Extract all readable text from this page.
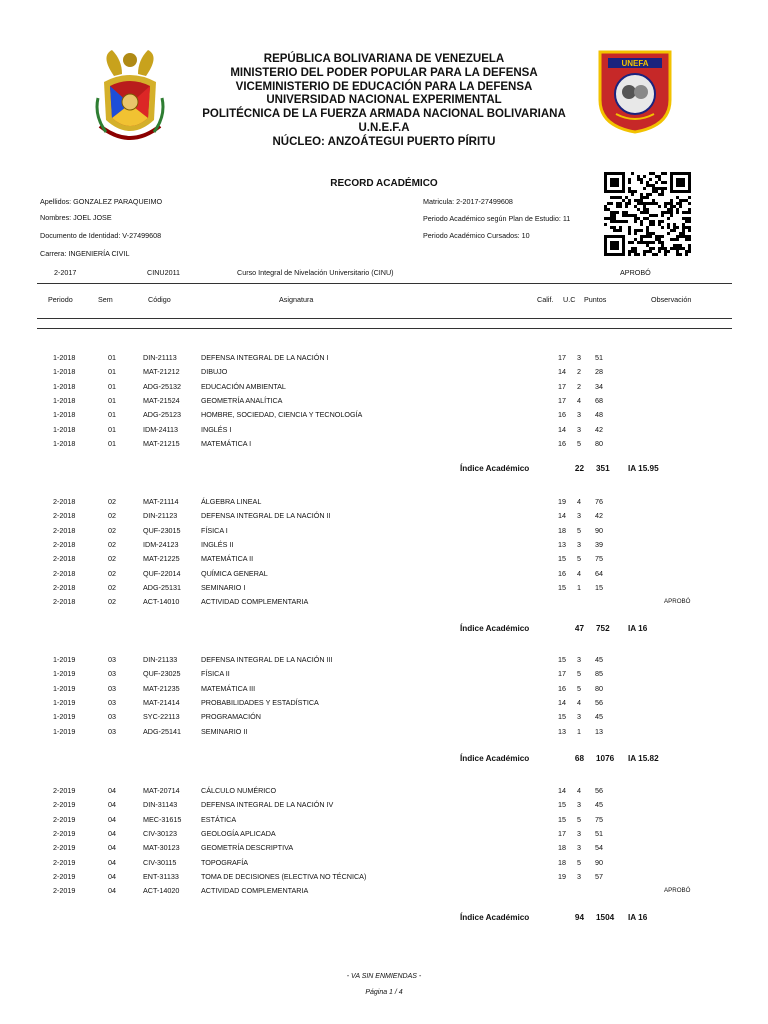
UNEFA
REPÚBLICA BOLIVARIANA DE VENEZUELA
MINISTERIO DEL PODER POPULAR PARA LA DEFENSA
VICEMINISTERIO DE EDUCACIÓN PARA LA DEFENSA
UNIVERSIDAD NACIONAL EXPERIMENTAL
POLITÉCNICA DE LA FUERZA ARMADA NACIONAL BOLIVARIANA
U.N.E.F.A
NÚCLEO: ANZOÁTEGUI PUERTO PÍRITU
RECORD ACADÉMICO
Apellidos: GONZALEZ PARAQUEIMO
Nombres: JOEL JOSE
Documento de Identidad: V-27499608
Carrera: INGENIERÍA CIVIL
Matricula: 2-2017-27499608
Periodo Académico según Plan de Estudio: 11
Periodo Académico Cursados: 10
2-2017	CINU2011	Curso Integral de Nivelación Universitario (CINU)	APROBÓ
Periodo	Sem	Código	Asignatura	Calif. U.C Puntos	Observación
1-2018	01	DIN-21113	DEFENSA INTEGRAL DE LA NACIÓN I	17	3	51
1-2018	01	MAT-21212	DIBUJO	14	2	28
1-2018	01	ADG-25132	EDUCACIÓN AMBIENTAL	17	2	34
1-2018	01	MAT-21524	GEOMETRÍA ANALÍTICA	17	4	68
1-2018	01	ADG-25123	HOMBRE, SOCIEDAD, CIENCIA Y TECNOLOGÍA	16	3	48
1-2018	01	IDM-24113	INGLÉS I	14	3	42
1-2018	01	MAT-21215	MATEMÁTICA I	16	5	80
Índice Académico	22 351 IA 15.95
2-2018	02	MAT-21114	ÁLGEBRA LINEAL	19	4	76
2-2018	02	DIN-21123	DEFENSA INTEGRAL DE LA NACIÓN II	14	3	42
2-2018	02	QUF-23015	FÍSICA I	18	5	90
2-2018	02	IDM-24123	INGLÉS II	13	3	39
2-2018	02	MAT-21225	MATEMÁTICA II	15	5	75
2-2018	02	QUF-22014	QUÍMICA GENERAL	16	4	64
2-2018	02	ADG-25131	SEMINARIO I	15	1	15
2-2018	02	ACT-14010	ACTIVIDAD COMPLEMENTARIA	APROBÓ
Índice Académico	47 752 IA 16
1-2019	03	DIN-21133	DEFENSA INTEGRAL DE LA NACIÓN III	15	3	45
1-2019	03	QUF-23025	FÍSICA II	17	5	85
1-2019	03	MAT-21235	MATEMÁTICA III	16	5	80
1-2019	03	MAT-21414	PROBABILIDADES Y ESTADÍSTICA	14	4	56
1-2019	03	SYC-22113	PROGRAMACIÓN	15	3	45
1-2019	03	ADG-25141	SEMINARIO II	13	1	13
Índice Académico	68 1076 IA 15.82
2-2019	04	MAT-20714	CÁLCULO NUMÉRICO	14	4	56
2-2019	04	DIN-31143	DEFENSA INTEGRAL DE LA NACIÓN IV	15	3	45
2-2019	04	MEC-31615	ESTÁTICA	15	5	75
2-2019	04	CIV-30123	GEOLOGÍA APLICADA	17	3	51
2-2019	04	MAT-30123	GEOMETRÍA DESCRIPTIVA	18	3	54
2-2019	04	CIV-30115	TOPOGRAFÍA	18	5	90
2-2019	04	ENT-31133	TOMA DE DECISIONES (ELECTIVA NO TÉCNICA)	19	3	57
2-2019	04	ACT-14020	ACTIVIDAD COMPLEMENTARIA	APROBÓ
Índice Académico	94 1504 IA 16
- VA SIN ENMIENDAS -
Página 1 / 4
